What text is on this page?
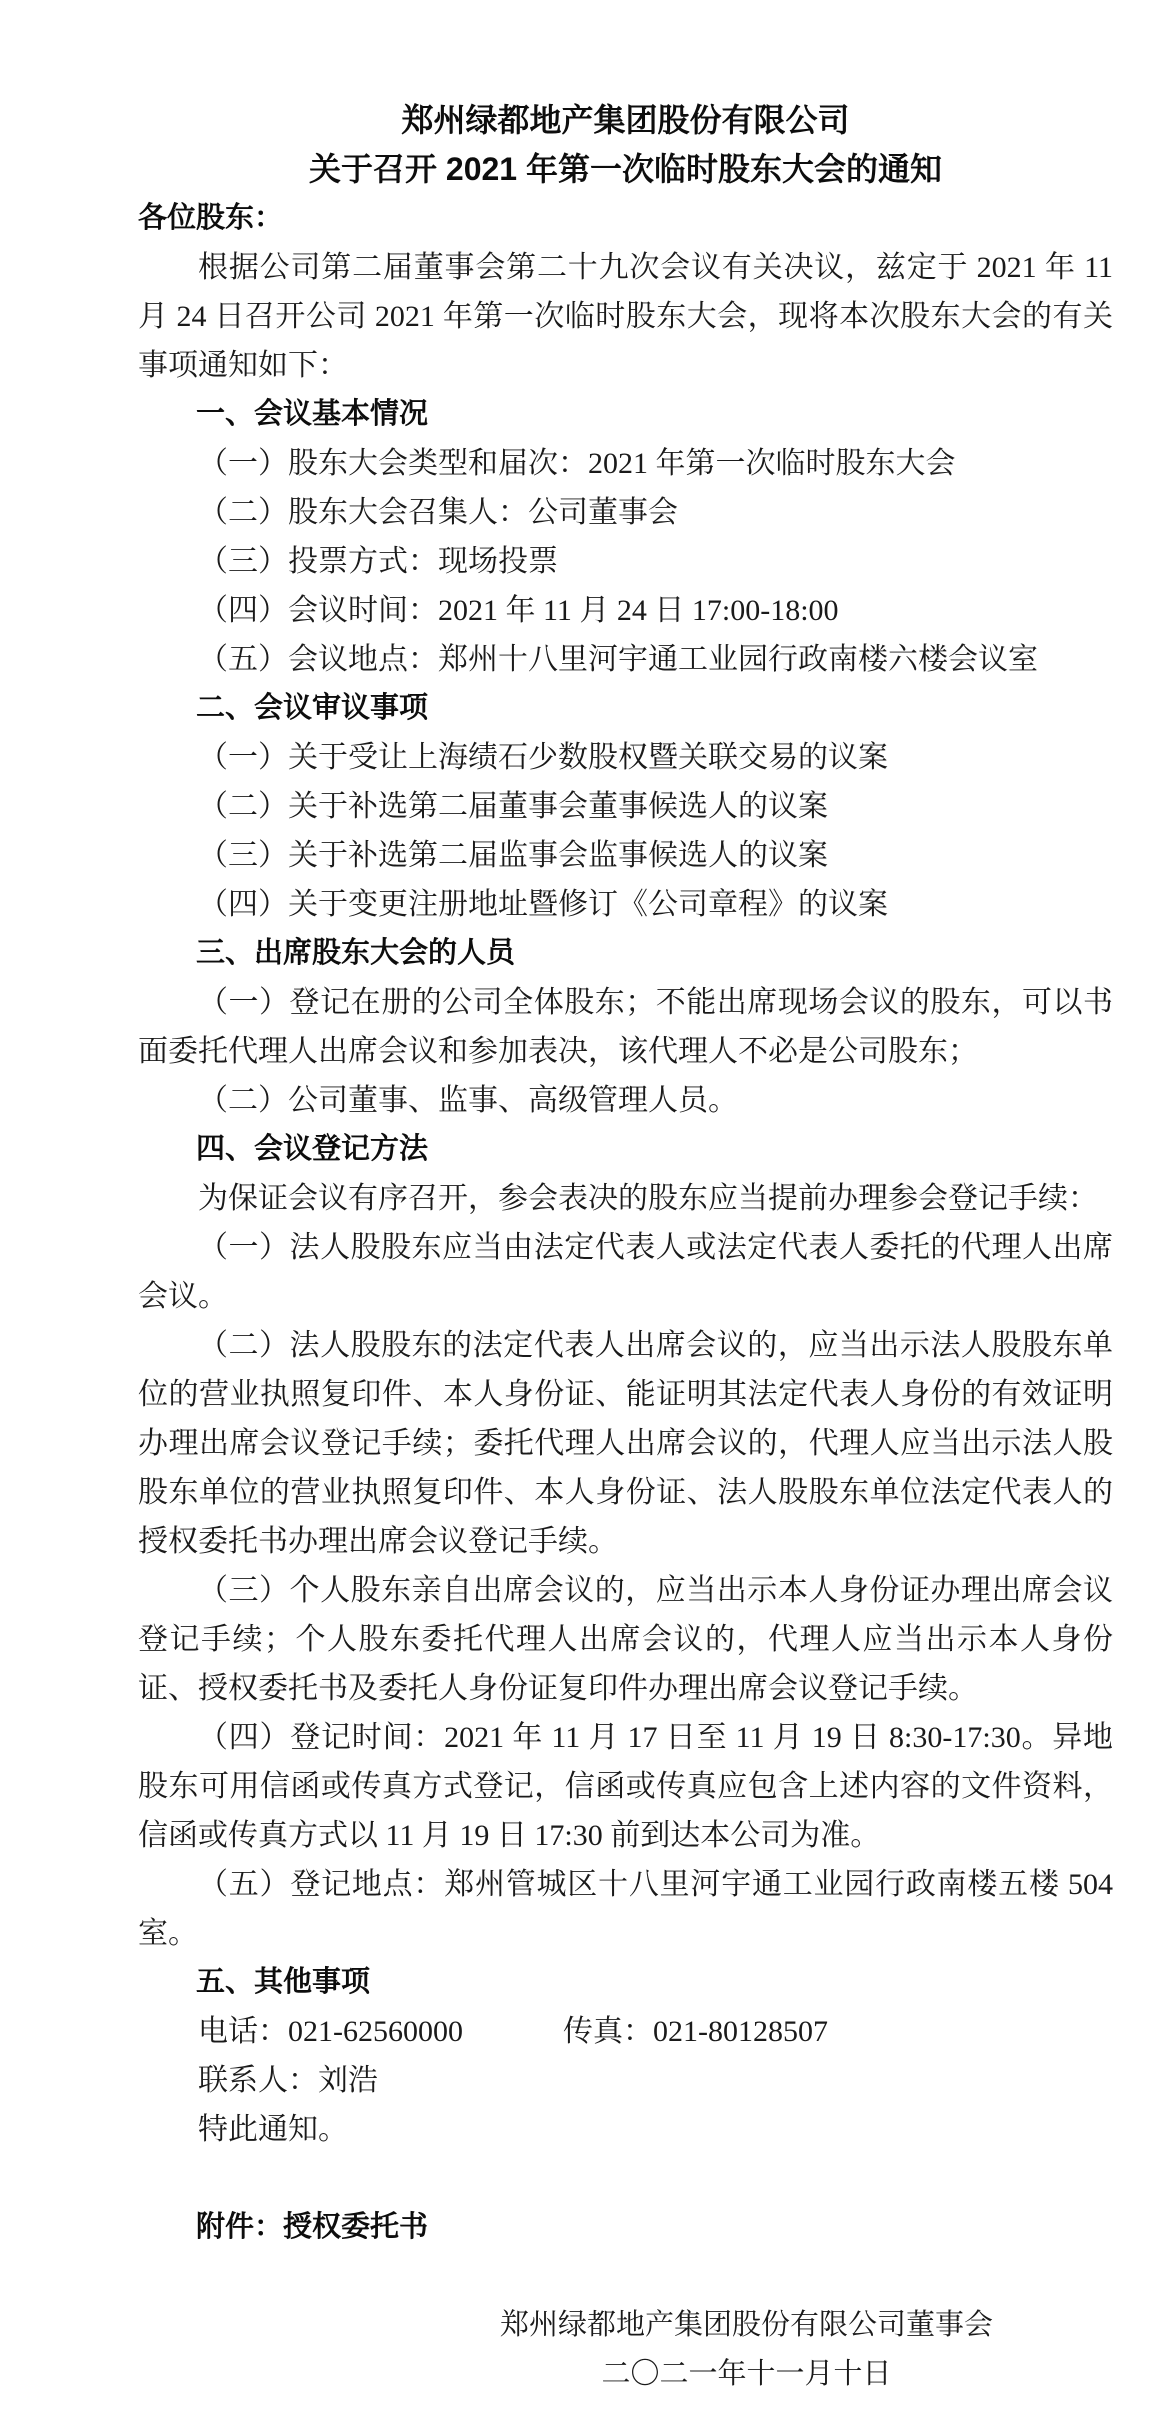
郑州绿都地产集团股份有限公司

关于召开 2021 年第一次临时股东大会的通知

各位股东：

根据公司第二届董事会第二十九次会议有关决议，兹定于 2021 年 11 月 24 日召开公司 2021 年第一次临时股东大会，现将本次股东大会的有关事项通知如下：

一、会议基本情况

（一）股东大会类型和届次：2021 年第一次临时股东大会

（二）股东大会召集人：公司董事会

（三）投票方式：现场投票

（四）会议时间：2021 年 11 月 24 日 17:00-18:00

（五）会议地点：郑州十八里河宇通工业园行政南楼六楼会议室

二、会议审议事项

（一）关于受让上海绩石少数股权暨关联交易的议案

（二）关于补选第二届董事会董事候选人的议案

（三）关于补选第二届监事会监事候选人的议案

（四）关于变更注册地址暨修订《公司章程》的议案

三、出席股东大会的人员

（一）登记在册的公司全体股东；不能出席现场会议的股东，可以书面委托代理人出席会议和参加表决，该代理人不必是公司股东；

（二）公司董事、监事、高级管理人员。

四、会议登记方法

为保证会议有序召开，参会表决的股东应当提前办理参会登记手续：

（一）法人股股东应当由法定代表人或法定代表人委托的代理人出席会议。

（二）法人股股东的法定代表人出席会议的，应当出示法人股股东单位的营业执照复印件、本人身份证、能证明其法定代表人身份的有效证明办理出席会议登记手续；委托代理人出席会议的，代理人应当出示法人股股东单位的营业执照复印件、本人身份证、法人股股东单位法定代表人的授权委托书办理出席会议登记手续。

（三）个人股东亲自出席会议的，应当出示本人身份证办理出席会议登记手续；个人股东委托代理人出席会议的，代理人应当出示本人身份证、授权委托书及委托人身份证复印件办理出席会议登记手续。

（四）登记时间：2021 年 11 月 17 日至 11 月 19 日 8:30-17:30。异地股东可用信函或传真方式登记，信函或传真应包含上述内容的文件资料，信函或传真方式以 11 月 19 日 17:30 前到达本公司为准。

（五）登记地点：郑州管城区十八里河宇通工业园行政南楼五楼 504 室。

五、其他事项

电话：021-62560000	传真：021-80128507

联系人：刘浩

特此通知。

附件：授权委托书

郑州绿都地产集团股份有限公司董事会

二〇二一年十一月十日
